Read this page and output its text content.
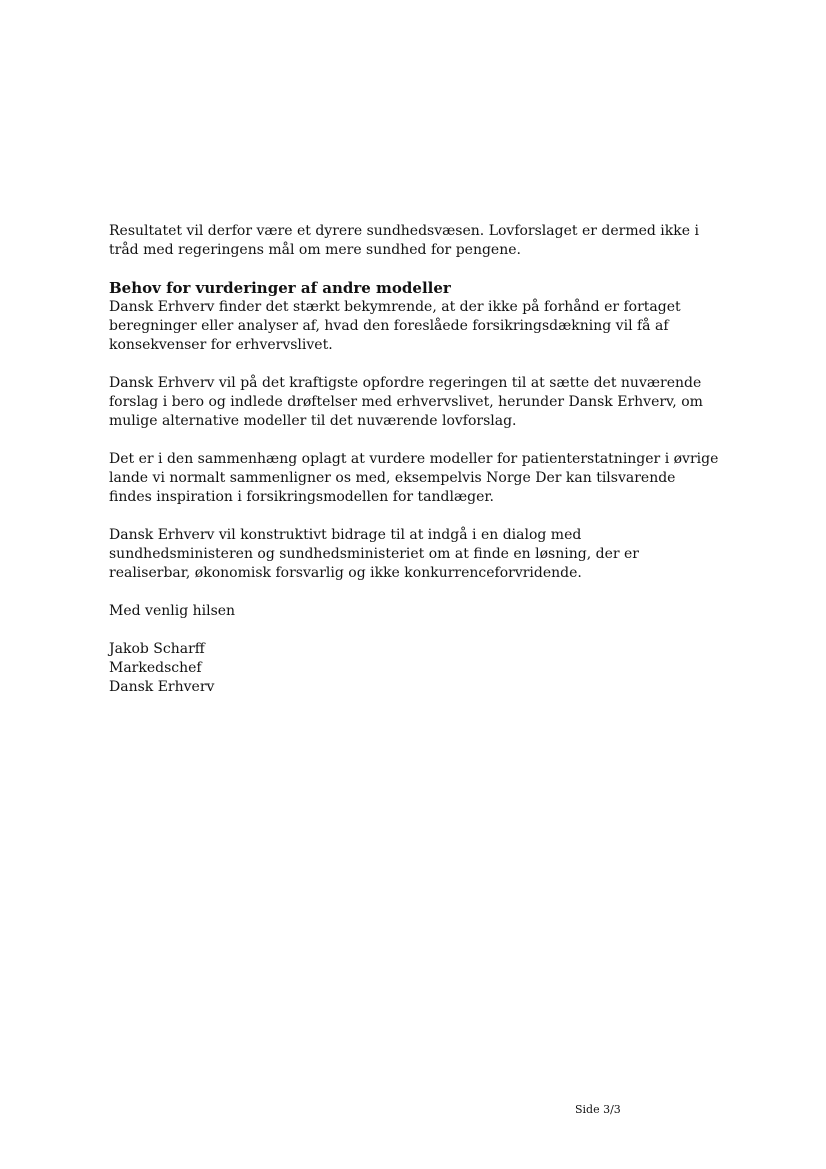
Resultatet vil derfor være et dyrere sundhedsvæsen. Lovforslaget er dermed ikke i tråd med regeringens mål om mere sundhed for pengene.

Behov for vurderinger af andre modeller

Dansk Erhverv finder det stærkt bekymrende, at der ikke på forhånd er fortaget beregninger eller analyser af, hvad den foreslåede forsikringsdækning vil få af konsekvenser for erhvervslivet.

Dansk Erhverv vil på det kraftigste opfordre regeringen til at sætte det nuværende forslag i bero og indlede drøftelser med erhvervslivet, herunder Dansk Erhverv, om mulige alternative modeller til det nuværende lovforslag.

Det er i den sammenhæng oplagt at vurdere modeller for patienterstatninger i øvrige lande vi normalt sammenligner os med, eksempelvis Norge Der kan tilsvarende findes inspiration i forsikringsmodellen for tandlæger.

Dansk Erhverv vil konstruktivt bidrage til at indgå i en dialog med sundhedsministeren og sundhedsministeriet om at finde en løsning, der er realiserbar, økonomisk forsvarlig og ikke konkurrenceforvridende.

Med venlig hilsen

Jakob Scharff

Markedschef

Dansk Erhverv

Side 3/3
